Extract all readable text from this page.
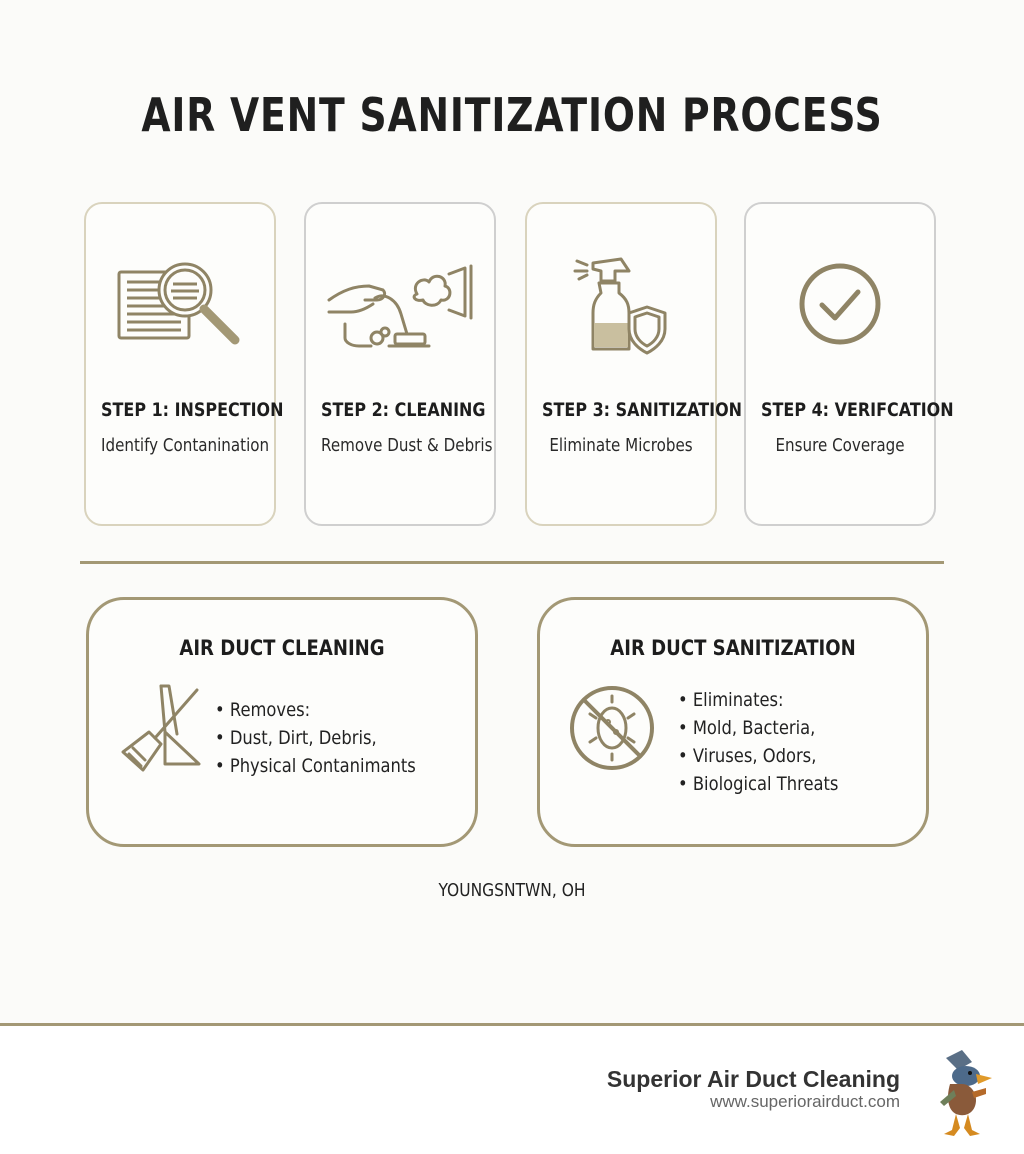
AIR VENT SANITIZATION PROCESS
STEP 1: INSPECTION
Identify Contanination
STEP 2: CLEANING
Remove Dust & Debris
STEP 3: SANITIZATION
Eliminate Microbes
STEP 4: VERIFCATION
Ensure Coverage
AIR DUCT CLEANING
• Removes:
• Dust, Dirt, Debris,
• Physical Contanimants
AIR DUCT SANITIZATION
• Eliminates:
• Mold, Bacteria,
• Viruses, Odors,
• Biological Threats
YOUNGSNTWN, OH
Superior Air Duct Cleaning
www.superiorairduct.com
